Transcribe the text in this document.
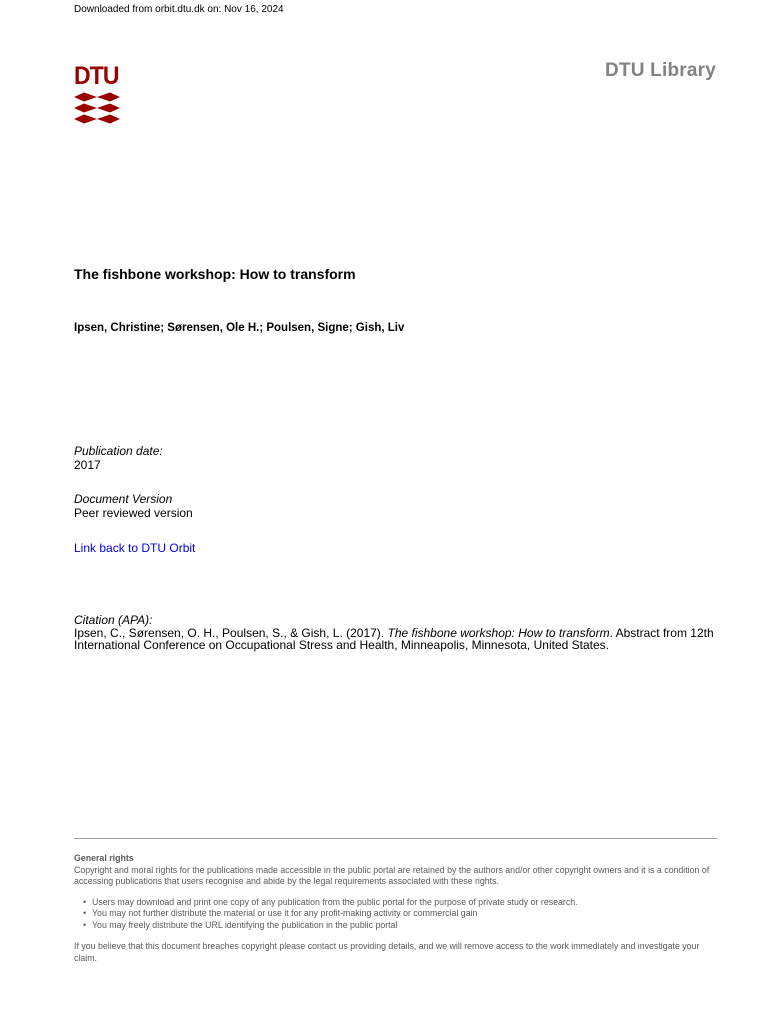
Downloaded from orbit.dtu.dk on: Nov 16, 2024
DTU	DTU Library
The fishbone workshop: How to transform
Ipsen, Christine; Sørensen, Ole H.; Poulsen, Signe; Gish, Liv
Publication date:
2017
Document Version
Peer reviewed version
Link back to DTU Orbit
Citation (APA):
Ipsen, C., Sørensen, O. H., Poulsen, S., & Gish, L. (2017). The fishbone workshop: How to transform. Abstract from 12th International Conference on Occupational Stress and Health, Minneapolis, Minnesota, United States.
General rights
Copyright and moral rights for the publications made accessible in the public portal are retained by the authors and/or other copyright owners and it is a condition of accessing publications that users recognise and abide by the legal requirements associated with these rights.
• Users may download and print one copy of any publication from the public portal for the purpose of private study or research.
• You may not further distribute the material or use it for any profit-making activity or commercial gain
• You may freely distribute the URL identifying the publication in the public portal
If you believe that this document breaches copyright please contact us providing details, and we will remove access to the work immediately and investigate your claim.
